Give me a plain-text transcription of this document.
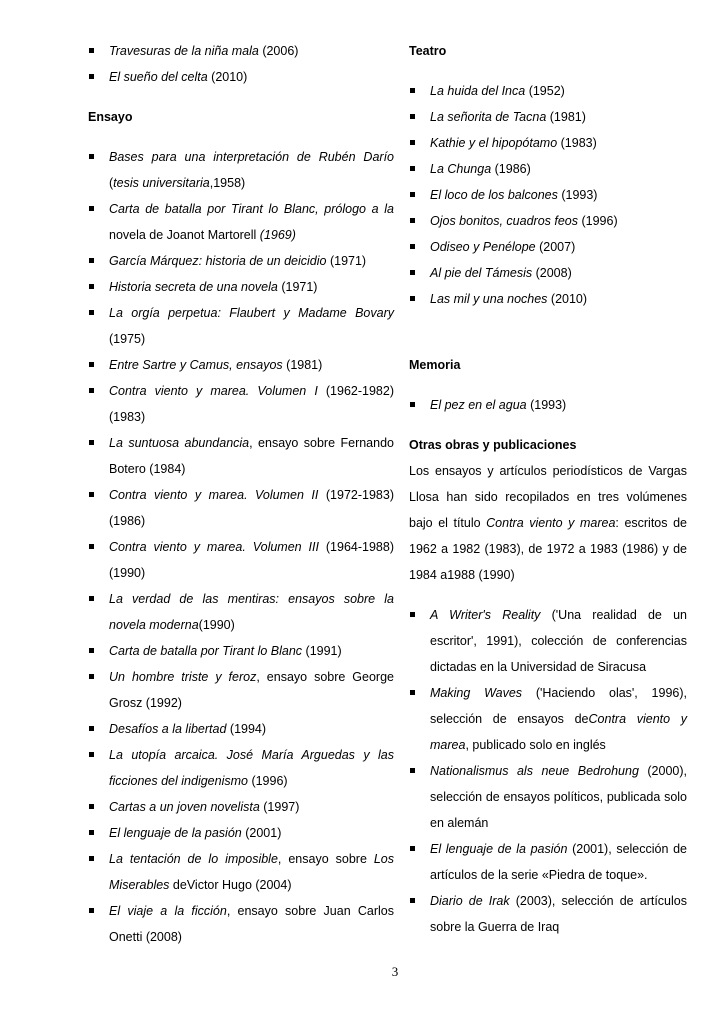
Travesuras de la niña mala (2006)
El sueño del celta (2010)
Ensayo
Bases para una interpretación de Rubén Darío (tesis universitaria,1958)
Carta de batalla por Tirant lo Blanc, prólogo a la novela de Joanot Martorell (1969)
García Márquez: historia de un deicidio (1971)
Historia secreta de una novela (1971)
La orgía perpetua: Flaubert y Madame Bovary (1975)
Entre Sartre y Camus, ensayos (1981)
Contra viento y marea. Volumen I (1962-1982) (1983)
La suntuosa abundancia, ensayo sobre Fernando Botero (1984)
Contra viento y marea. Volumen II (1972-1983) (1986)
Contra viento y marea. Volumen III (1964-1988) (1990)
La verdad de las mentiras: ensayos sobre la novela moderna(1990)
Carta de batalla por Tirant lo Blanc (1991)
Un hombre triste y feroz, ensayo sobre George Grosz (1992)
Desafíos a la libertad (1994)
La utopía arcaica. José María Arguedas y las ficciones del indigenismo (1996)
Cartas a un joven novelista (1997)
El lenguaje de la pasión (2001)
La tentación de lo imposible, ensayo sobre Los Miserables deVictor Hugo (2004)
El viaje a la ficción, ensayo sobre Juan Carlos Onetti (2008)
Teatro
La huida del Inca (1952)
La señorita de Tacna (1981)
Kathie y el hipopótamo (1983)
La Chunga (1986)
El loco de los balcones (1993)
Ojos bonitos, cuadros feos (1996)
Odiseo y Penélope (2007)
Al pie del Támesis (2008)
Las mil y una noches (2010)
Memoria
El pez en el agua (1993)
Otras obras y publicaciones
Los ensayos y artículos periodísticos de Vargas Llosa han sido recopilados en tres volúmenes bajo el título Contra viento y marea: escritos de 1962 a 1982 (1983), de 1972 a 1983 (1986) y de 1984 a1988 (1990)
A Writer's Reality ('Una realidad de un escritor', 1991), colección de conferencias dictadas en la Universidad de Siracusa
Making Waves ('Haciendo olas', 1996), selección de ensayos deContra viento y marea, publicado solo en inglés
Nationalismus als neue Bedrohung (2000), selección de ensayos políticos, publicada solo en alemán
El lenguaje de la pasión (2001), selección de artículos de la serie «Piedra de toque».
Diario de Irak (2003), selección de artículos sobre la Guerra de Iraq
3
